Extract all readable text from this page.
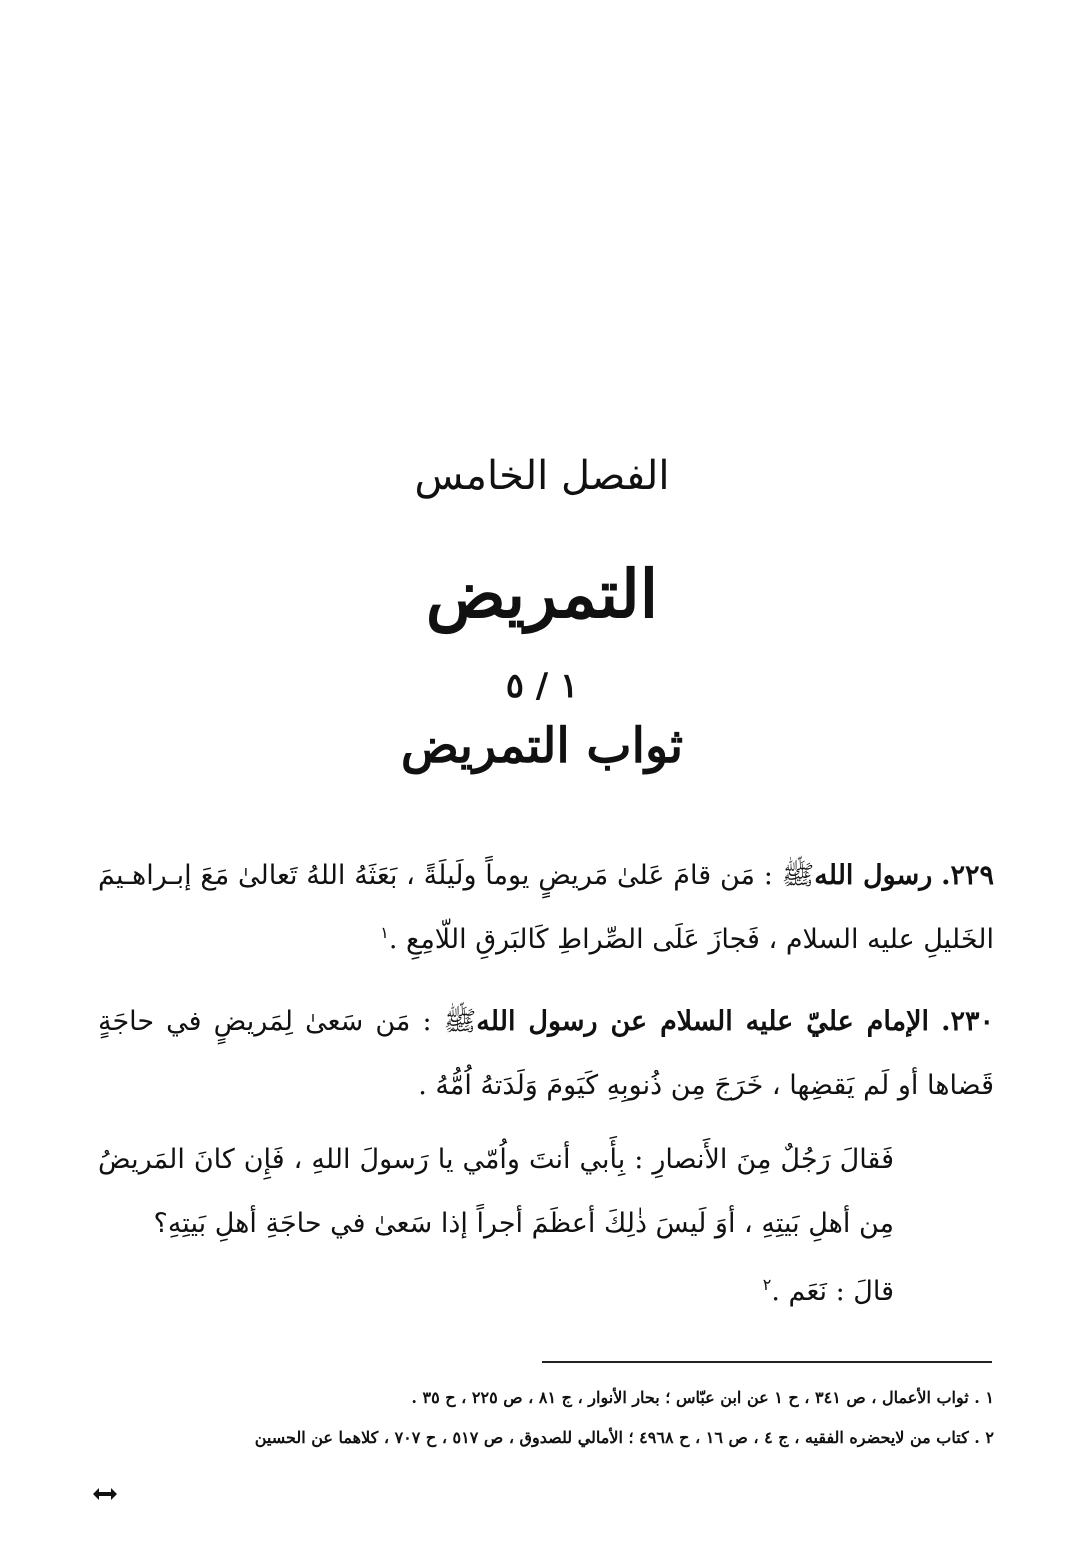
الفصل الخامس
التمريض
١ / ٥
ثواب التمريض

٢٢٩. رسول اللهﷺ : مَن قامَ عَلىٰ مَريضٍ يوماً ولَيلَةً ، بَعَثَهُ اللهُ تَعالىٰ مَعَ إبـراهـيمَ الخَليلِ عليه السلام ، فَجازَ عَلَى الصِّراطِ كَالبَرقِ اللّامِعِ .$^١$

٢٣٠. الإمام عليّ عليه السلام عن رسول اللهﷺ : مَن سَعىٰ لِمَريضٍ في حاجَةٍ قَضاها أو لَم يَقضِها ، خَرَجَ مِن ذُنوبِهِ كَيَومَ وَلَدَتهُ اُمُّهُ .

فَقالَ رَجُلٌ مِنَ الأَنصارِ : بِأَبي أنتَ واُمّي يا رَسولَ اللهِ ، فَإِن كانَ المَريضُ مِن أهلِ بَيتِهِ ، أوَ لَيسَ ذٰلِكَ أعظَمَ أجراً إذا سَعىٰ في حاجَةِ أهلِ بَيتِهِ؟

قالَ : نَعَم .$^٢$

١ . ثواب الأعمال ، ص ٣٤١ ، ح ١ عن ابن عبّاس ؛ بحار الأنوار ، ج ٨١ ، ص ٢٢٥ ، ح ٣٥ .
٢ . كتاب من لايحضره الفقيه ، ج ٤ ، ص ١٦ ، ح ٤٩٦٨ ؛ الأمالي للصدوق ، ص ٥١٧ ، ح ٧٠٧ ، كلاهما عن الحسين
